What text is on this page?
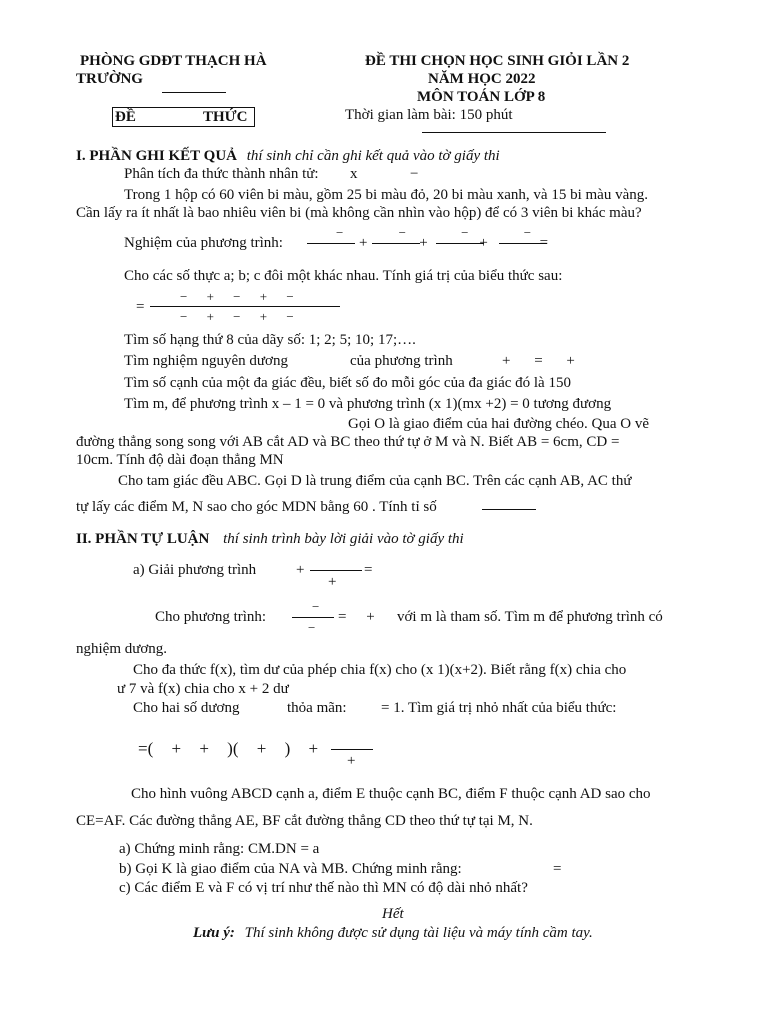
PHÒNG GDĐT THẠCH HÀ
TRƯỜNG
ĐỀ THI CHỌN HỌC SINH GIỎI LẦN 2
NĂM HỌC 2022
MÔN TOÁN LỚP 8
ĐỀ	THỨC	Thời gian làm bài: 150 phút
I. PHẦN GHI KẾT QUẢ thí sinh chỉ cần ghi kết quả vào tờ giấy thi
Phân tích đa thức thành nhân tử: x	−
Trong 1 hộp có 60 viên bi màu, gồm 25 bi màu đỏ, 20 bi màu xanh, và 15 bi màu vàng.
Cần lấy ra ít nhất là bao nhiêu viên bi (mà không cần nhìn vào hộp) để có 3 viên bi khác màu?
Nghiệm của phương trình:
− − − −
+ + + =
Cho các số thực a; b; c đôi một khác nhau. Tính giá trị của biểu thức sau:
=
− + − + −
− + − + −
Tìm số hạng thứ 8 của dãy số: 1; 2; 5; 10; 17;….
Tìm nghiệm nguyên dương	của phương trình	+ = +
Tìm số cạnh của một đa giác đều, biết số đo mỗi góc của đa giác đó là 150
Tìm m, để phương trình x – 1 = 0 và phương trình (x 1)(mx +2) = 0 tương đương
Gọi O là giao điểm của hai đường chéo. Qua O vẽ
đường thẳng song song với AB cắt AD và BC theo thứ tự ở M và N. Biết AB = 6cm, CD =
10cm. Tính độ dài đoạn thẳng MN
Cho tam giác đều ABC. Gọi D là trung điểm của cạnh BC. Trên các cạnh AB, AC thứ
tự lấy các điểm M, N sao cho góc MDN bằng 60 . Tính tỉ số
II. PHẦN TỰ LUẬN thí sinh trình bày lời giải vào tờ giấy thi
a) Giải phương trình	+
+
=
Cho phương trình:
−
−
= + với m là tham số. Tìm m để phương trình có
nghiệm dương.
Cho đa thức f(x), tìm dư của phép chia f(x) cho (x 1)(x+2). Biết rằng f(x) chia cho
ư 7 và f(x) chia cho x + 2 dư
Cho hai số dương	thỏa mãn: = 1. Tìm giá trị nhỏ nhất của biểu thức:
=( + + )( + ) +
+
Cho hình vuông ABCD cạnh a, điểm E thuộc cạnh BC, điểm F thuộc cạnh AD sao cho
CE=AF. Các đường thẳng AE, BF cắt đường thẳng CD theo thứ tự tại M, N.
a) Chứng minh rằng: CM.DN = a
b) Gọi K là giao điểm của NA và MB. Chứng minh rằng:	=
c) Các điểm E và F có vị trí như thế nào thì MN có độ dài nhỏ nhất?
Hết
Lưu ý: Thí sinh không được sử dụng tài liệu và máy tính cầm tay.
